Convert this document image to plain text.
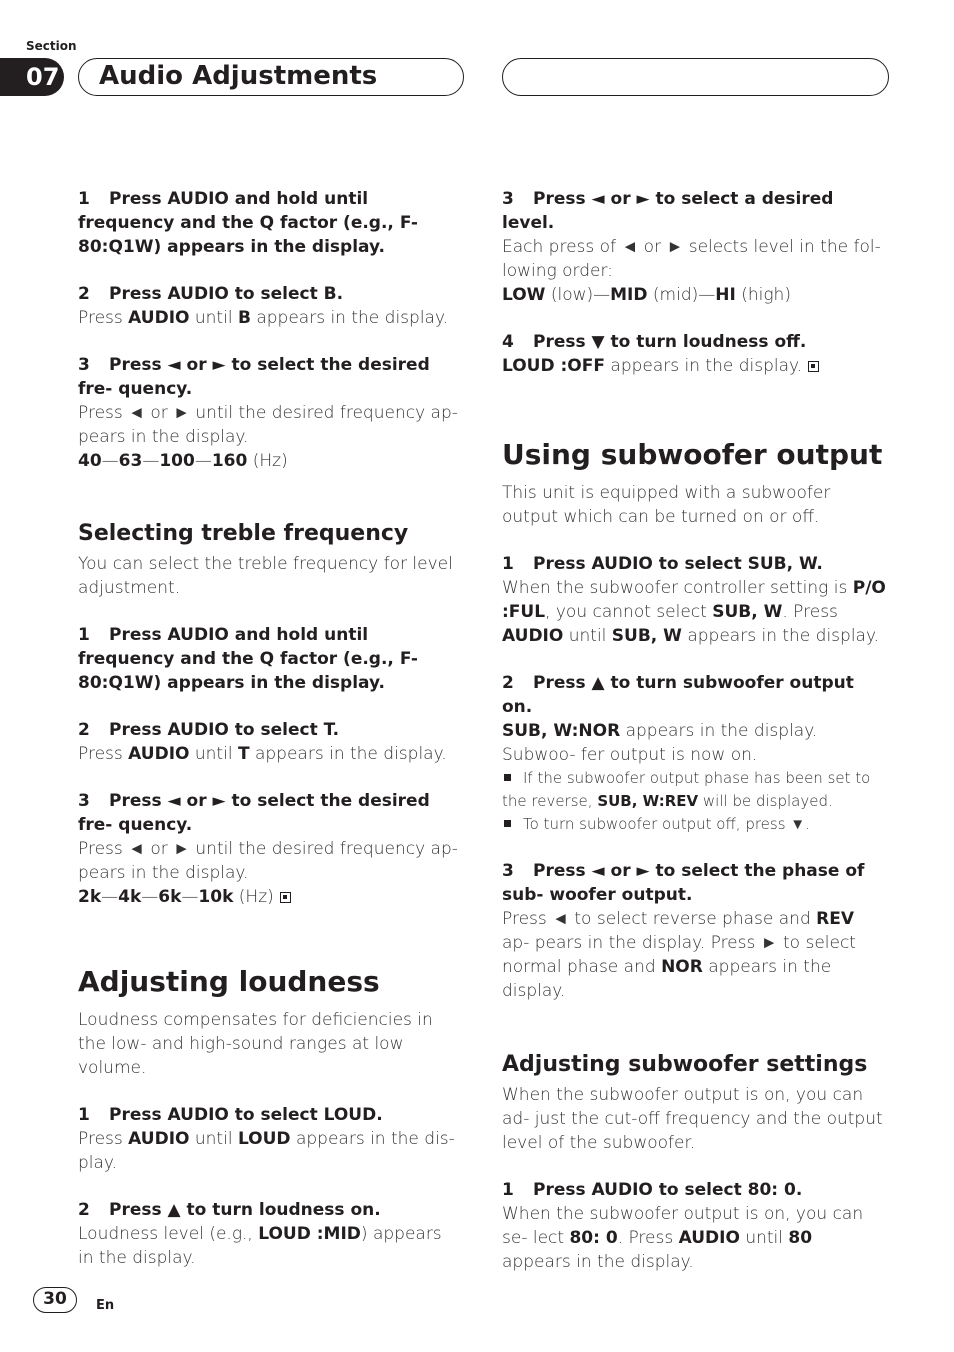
Section
07 Audio Adjustments

1 Press AUDIO and hold until frequency and the Q factor (e.g., F- 80:Q1W) appears in the display.

2 Press AUDIO to select B.

Press AUDIO until B appears in the display.

3 Press ◄ or ► to select the desired fre- quency.

Press ◄ or ► until the desired frequency ap- pears in the display.

40—63—100—160 (Hz)

Selecting treble frequency

You can select the treble frequency for level adjustment.

1 Press AUDIO and hold until frequency and the Q factor (e.g., F- 80:Q1W) appears in the display.

2 Press AUDIO to select T.

Press AUDIO until T appears in the display.

3 Press ◄ or ► to select the desired fre- quency.

Press ◄ or ► until the desired frequency ap- pears in the display.

2k—4k—6k—10k (Hz)

Adjusting loudness

Loudness compensates for deficiencies in the low- and high-sound ranges at low volume.

1 Press AUDIO to select LOUD.

Press AUDIO until LOUD appears in the dis- play.

2 Press ▲ to turn loudness on.

Loudness level (e.g., LOUD :MID) appears in the display.

3 Press ◄ or ► to select a desired level.

Each press of ◄ or ► selects level in the fol- lowing order:

LOW (low)—MID (mid)—HI (high)

4 Press ▼ to turn loudness off.

LOUD :OFF appears in the display.

Using subwoofer output

This unit is equipped with a subwoofer output which can be turned on or off.

1 Press AUDIO to select SUB, W.

When the subwoofer controller setting is P/O :FUL, you cannot select SUB, W. Press AUDIO until SUB, W appears in the display.

2 Press ▲ to turn subwoofer output on.

SUB, W:NOR appears in the display. Subwoo- fer output is now on.

If the subwoofer output phase has been set to the reverse, SUB, W:REV will be displayed.

To turn subwoofer output off, press ▼.

3 Press ◄ or ► to select the phase of sub- woofer output.

Press ◄ to select reverse phase and REV ap- pears in the display. Press ► to select normal phase and NOR appears in the display.

Adjusting subwoofer settings

When the subwoofer output is on, you can ad- just the cut-off frequency and the output level of the subwoofer.

1 Press AUDIO to select 80: 0.

When the subwoofer output is on, you can se- lect 80: 0. Press AUDIO until 80 appears in the display.

30	En
